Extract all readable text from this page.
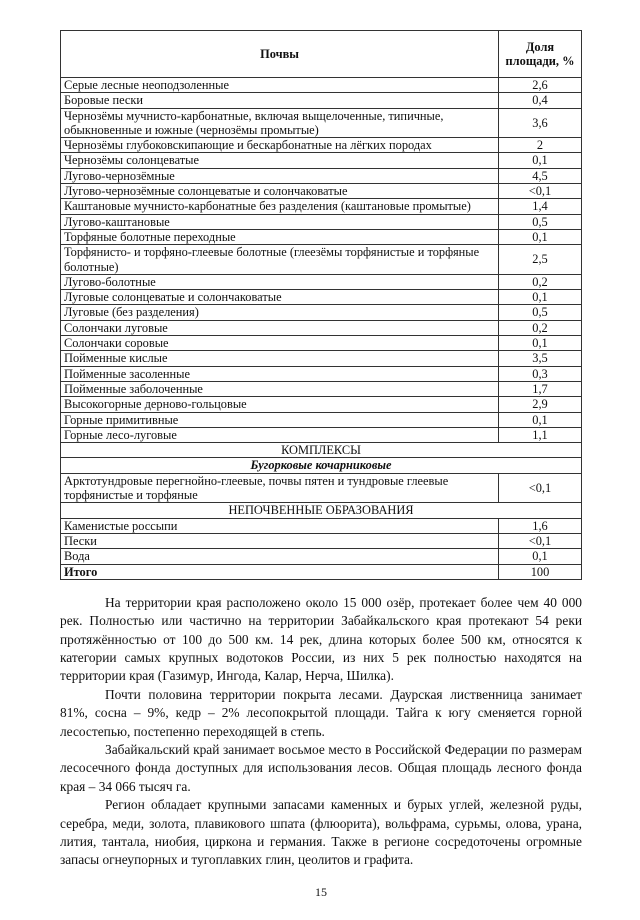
Почвы	Доля площади, %
Серые лесные неоподзоленные	2,6
Боровые пески	0,4
Чернозёмы мучнисто-карбонатные, включая выщелоченные, типичные, обыкновенные и южные (чернозёмы промытые)	3,6
Чернозёмы глубоковскипающие и бескарбонатные на лёгких породах	2
Чернозёмы солонцеватые	0,1
Лугово-чернозёмные	4,5
Лугово-чернозёмные солонцеватые и солончаковатые	<0,1
Каштановые мучнисто-карбонатные без разделения (каштановые промытые)	1,4
Лугово-каштановые	0,5
Торфяные болотные переходные	0,1
Торфянисто- и торфяно-глеевые болотные (глеезёмы торфянистые и торфяные болотные)	2,5
Лугово-болотные	0,2
Луговые солонцеватые и солончаковатые	0,1
Луговые (без разделения)	0,5
Солончаки луговые	0,2
Солончаки соровые	0,1
Пойменные кислые	3,5
Пойменные засоленные	0,3
Пойменные заболоченные	1,7
Высокогорные дерново-гольцовые	2,9
Горные примитивные	0,1
Горные лесо-луговые	1,1
КОМПЛЕКСЫ	
Бугорковые кочарниковые	
Арктотундровые перегнойно-глеевые, почвы пятен и тундровые глеевые торфянистые и торфяные	<0,1
НЕПОЧВЕННЫЕ ОБРАЗОВАНИЯ	
Каменистые россыпи	1,6
Пески	<0,1
Вода	0,1
Итого	100

На территории края расположено около 15 000 озёр, протекает более чем 40 000 рек. Полностью или частично на территории Забайкальского края протекают 54 реки протяжённостью от 100 до 500 км. 14 рек, длина которых более 500 км, относятся к категории самых крупных водотоков России, из них 5 рек полностью находятся на территории края (Газимур, Ингода, Калар, Нерча, Шилка).

Почти половина территории покрыта лесами. Даурская лиственница занимает 81%, сосна – 9%, кедр – 2% лесопокрытой площади. Тайга к югу сменяется горной лесостепью, постепенно переходящей в степь.

Забайкальский край занимает восьмое место в Российской Федерации по размерам лесосечного фонда доступных для использования лесов. Общая площадь лесного фонда края – 34 066 тысяч га.

Регион обладает крупными запасами каменных и бурых углей, железной руды, серебра, меди, золота, плавикового шпата (флюорита), вольфрама, сурьмы, олова, урана, лития, тантала, ниобия, циркона и германия. Также в регионе сосредоточены огромные запасы огнеупорных и тугоплавких глин, цеолитов и графита.

15
